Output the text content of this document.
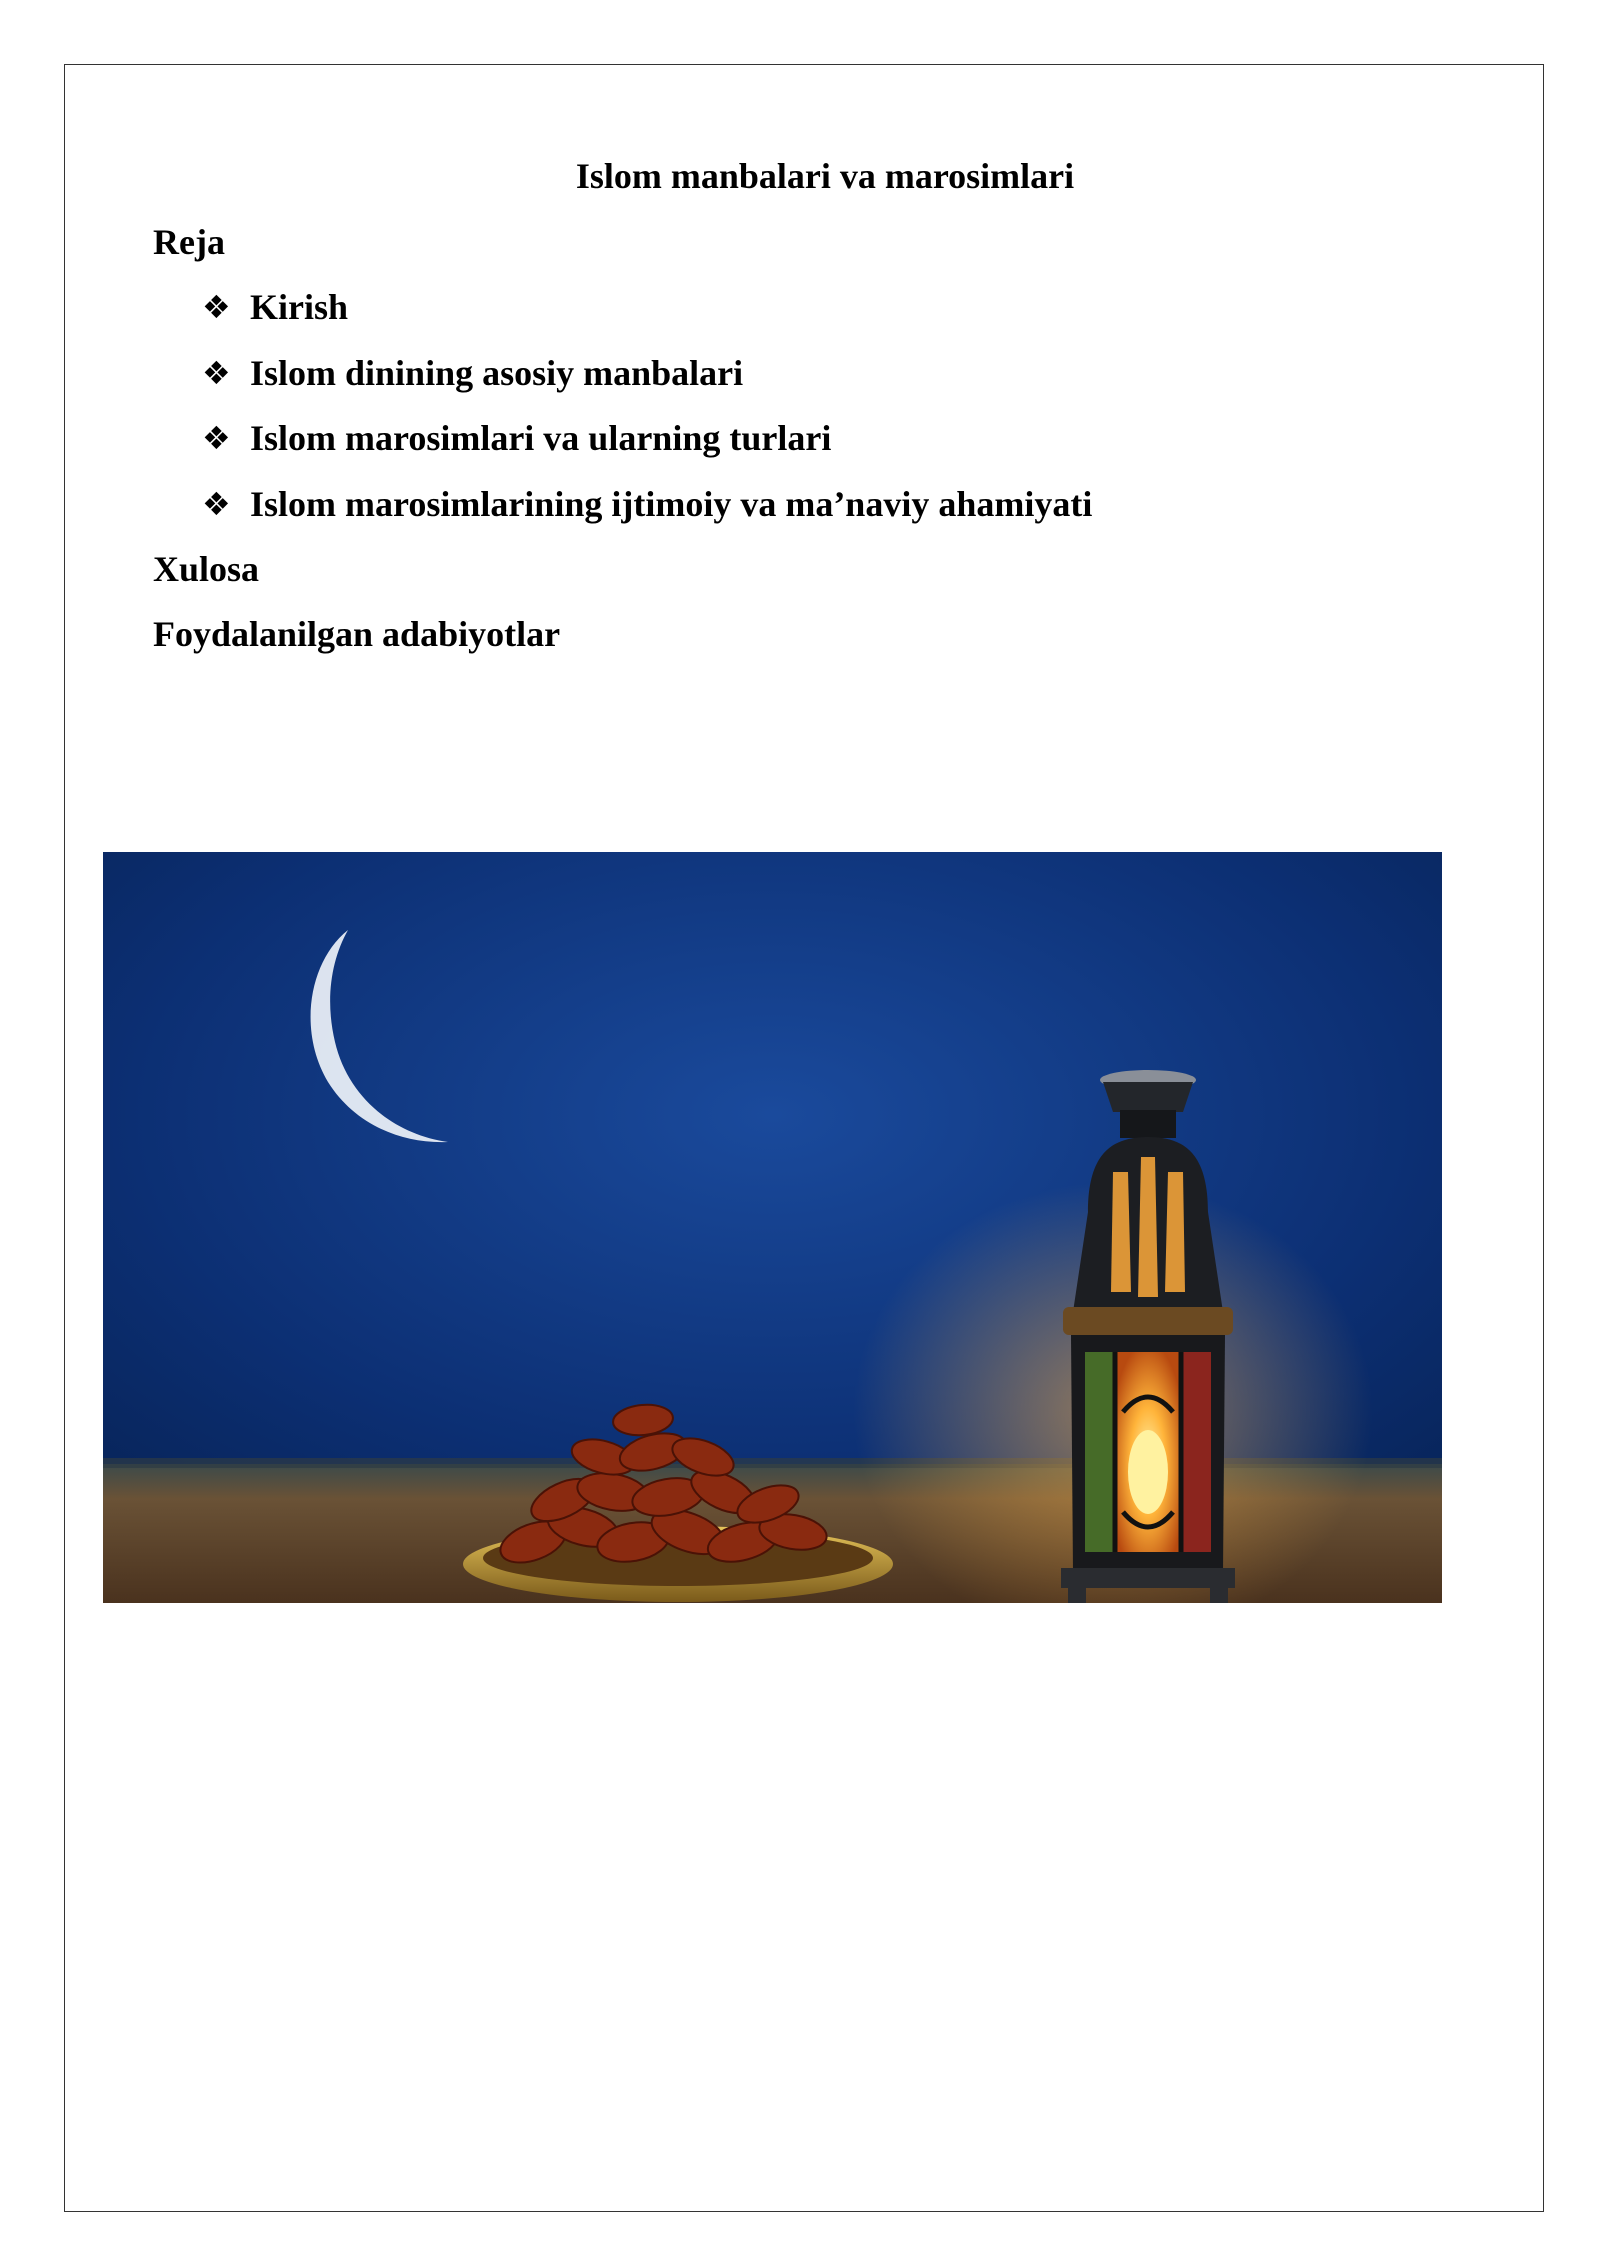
Islom manbalari va marosimlari

Reja

❖ Kirish
❖ Islom dinining asosiy manbalari
❖ Islom marosimlari va ularning turlari
❖ Islom marosimlarining ijtimoiy va ma’naviy ahamiyati

Xulosa

Foydalanilgan adabiyotlar
